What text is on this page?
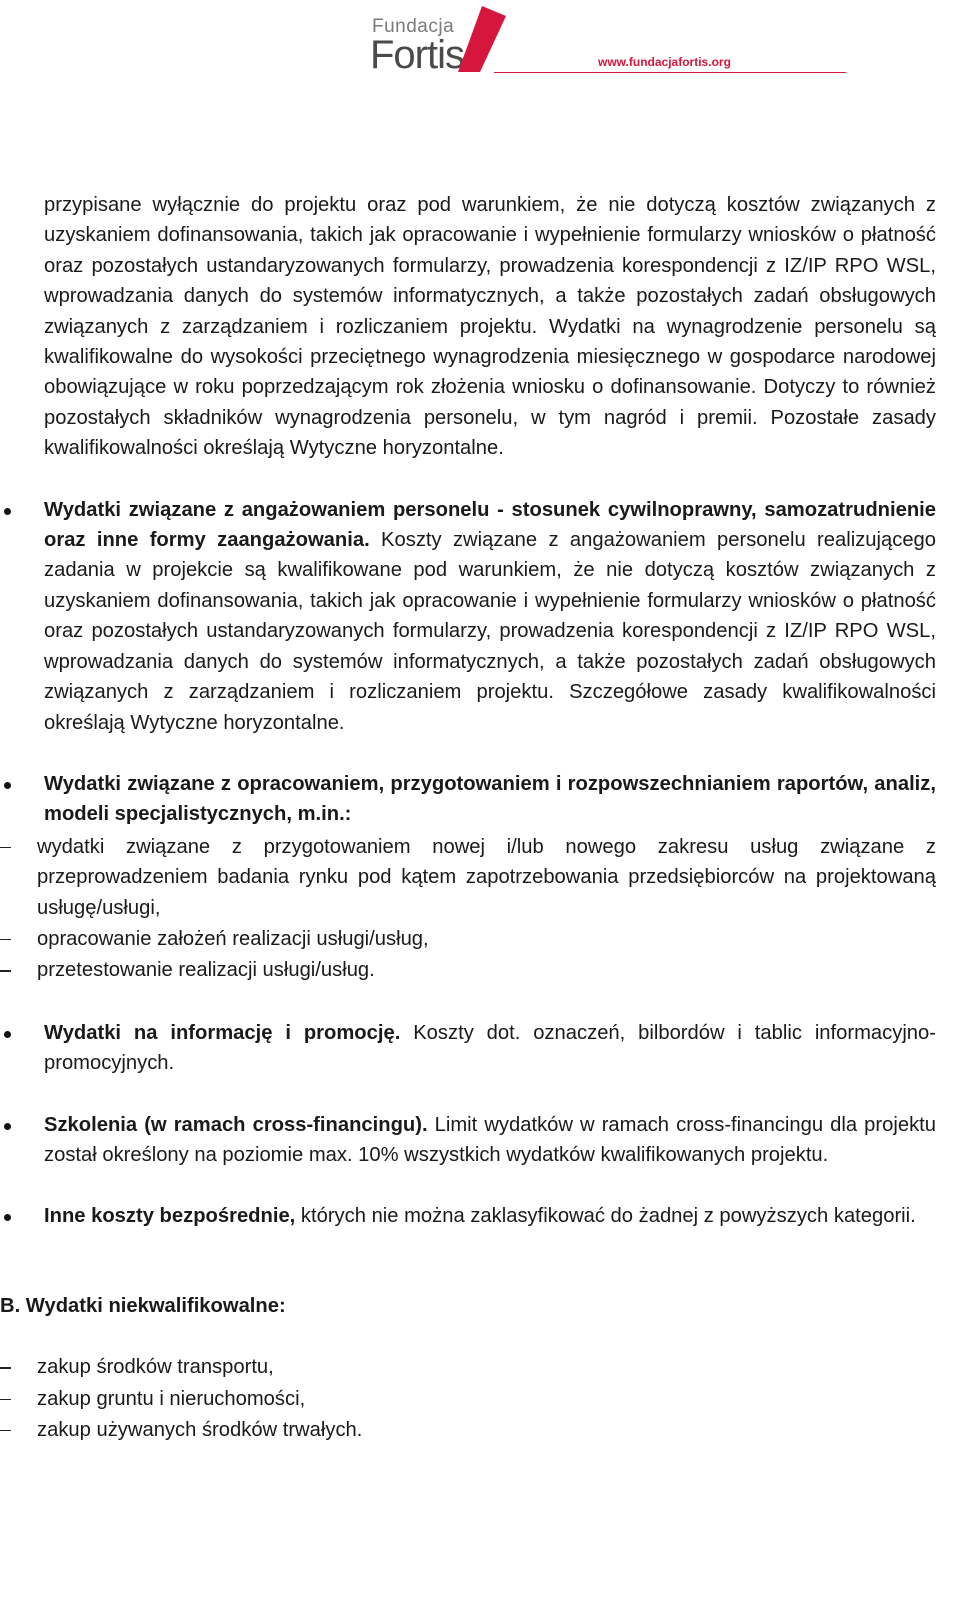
Fundacja
Fortis	www.fundacjafortis.org

przypisane wyłącznie do projektu oraz pod warunkiem, że nie dotyczą kosztów związanych z uzyskaniem dofinansowania, takich jak opracowanie i wypełnienie formularzy wniosków o płatność oraz pozostałych ustandaryzowanych formularzy, prowadzenia korespondencji z IZ/IP RPO WSL, wprowadzania danych do systemów informatycznych, a także pozostałych zadań obsługowych związanych z zarządzaniem i rozliczaniem projektu. Wydatki na wynagrodzenie personelu są kwalifikowalne do wysokości przeciętnego wynagrodzenia miesięcznego w gospodarce narodowej obowiązujące w roku poprzedzającym rok złożenia wniosku o dofinansowanie. Dotyczy to również pozostałych składników wynagrodzenia personelu, w tym nagród i premii. Pozostałe zasady kwalifikowalności określają Wytyczne horyzontalne.

Wydatki związane z angażowaniem personelu - stosunek cywilnoprawny, samozatrudnienie oraz inne formy zaangażowania. Koszty związane z angażowaniem personelu realizującego zadania w projekcie są kwalifikowane pod warunkiem, że nie dotyczą kosztów związanych z uzyskaniem dofinansowania, takich jak opracowanie i wypełnienie formularzy wniosków o płatność oraz pozostałych ustandaryzowanych formularzy, prowadzenia korespondencji z IZ/IP RPO WSL, wprowadzania danych do systemów informatycznych, a także pozostałych zadań obsługowych związanych z zarządzaniem i rozliczaniem projektu. Szczegółowe zasady kwalifikowalności określają Wytyczne horyzontalne.
Wydatki związane z opracowaniem, przygotowaniem i rozpowszechnianiem raportów, analiz, modeli specjalistycznych, m.in.:
wydatki związane z przygotowaniem nowej i/lub nowego zakresu usług związane z przeprowadzeniem badania rynku pod kątem zapotrzebowania przedsiębiorców na projektowaną usługę/usługi,
opracowanie założeń realizacji usługi/usług,
przetestowanie realizacji usługi/usług.
Wydatki na informację i promocję. Koszty dot. oznaczeń, bilbordów i tablic informacyjno-promocyjnych.
Szkolenia (w ramach cross-financingu). Limit wydatków w ramach cross-financingu dla projektu został określony na poziomie max. 10% wszystkich wydatków kwalifikowanych projektu.
Inne koszty bezpośrednie, których nie można zaklasyfikować do żadnej z powyższych kategorii.
B. Wydatki niekwalifikowalne:
zakup środków transportu,
zakup gruntu i nieruchomości,
zakup używanych środków trwałych.
